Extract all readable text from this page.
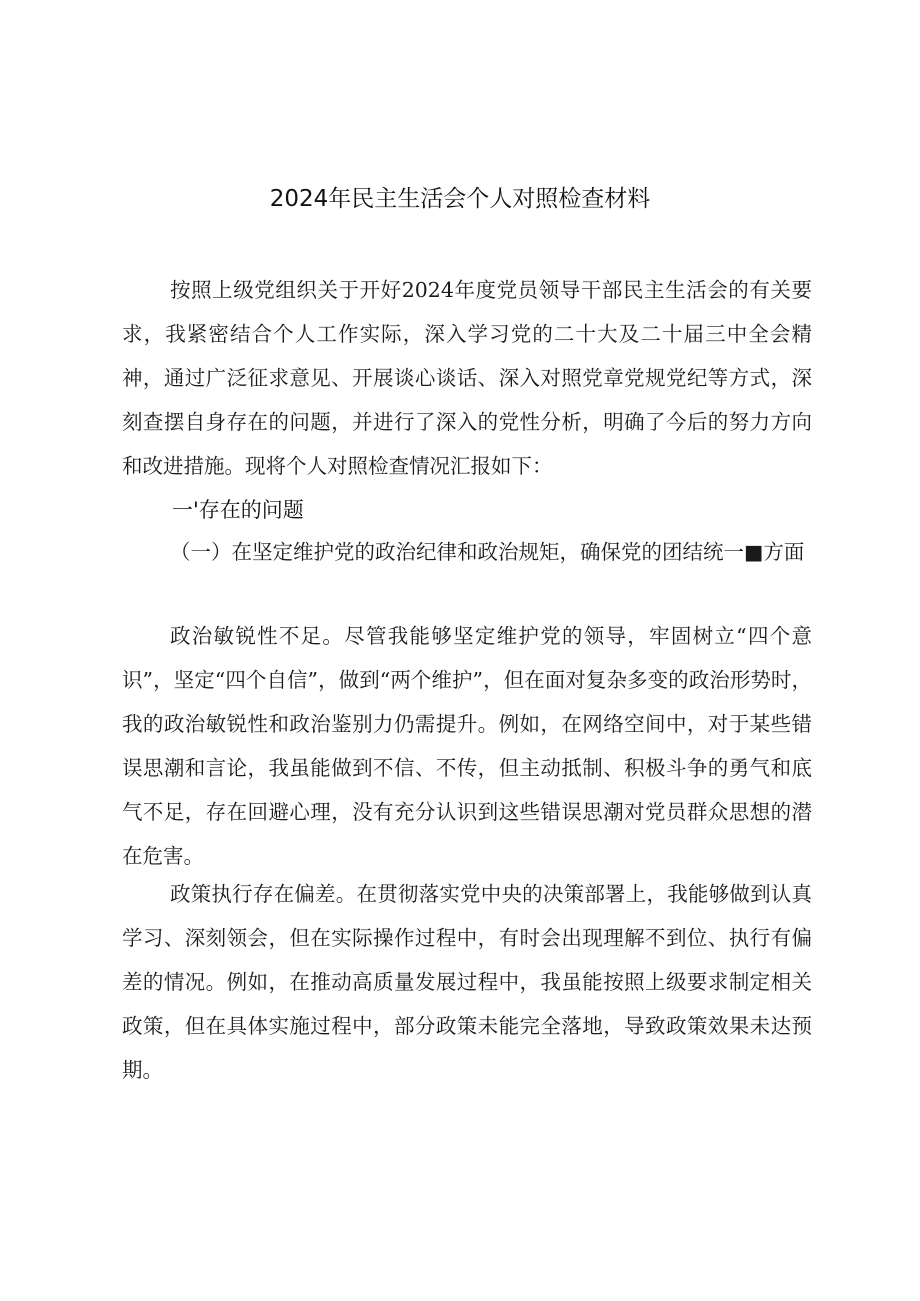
2024年民主生活会个人对照检查材料

按照上级党组织关于开好2024年度党员领导干部民主生活会的有关要求，我紧密结合个人工作实际，深入学习党的二十大及二十届三中全会精神，通过广泛征求意见、开展谈心谈话、深入对照党章党规党纪等方式，深刻查摆自身存在的问题，并进行了深入的党性分析，明确了今后的努力方向和改进措施。现将个人对照检查情况汇报如下：

一'存在的问题

（一）在坚定维护党的政治纪律和政治规矩，确保党的团结统一■方面

政治敏锐性不足。尽管我能够坚定维护党的领导，牢固树立“四个意识”，坚定“四个自信”，做到“两个维护”，但在面对复杂多变的政治形势时，我的政治敏锐性和政治鉴别力仍需提升。例如，在网络空间中，对于某些错误思潮和言论，我虽能做到不信、不传，但主动抵制、积极斗争的勇气和底气不足，存在回避心理，没有充分认识到这些错误思潮对党员群众思想的潜在危害。

政策执行存在偏差。在贯彻落实党中央的决策部署上，我能够做到认真学习、深刻领会，但在实际操作过程中，有时会出现理解不到位、执行有偏差的情况。例如，在推动高质量发展过程中，我虽能按照上级要求制定相关政策，但在具体实施过程中，部分政策未能完全落地，导致政策效果未达预期。
